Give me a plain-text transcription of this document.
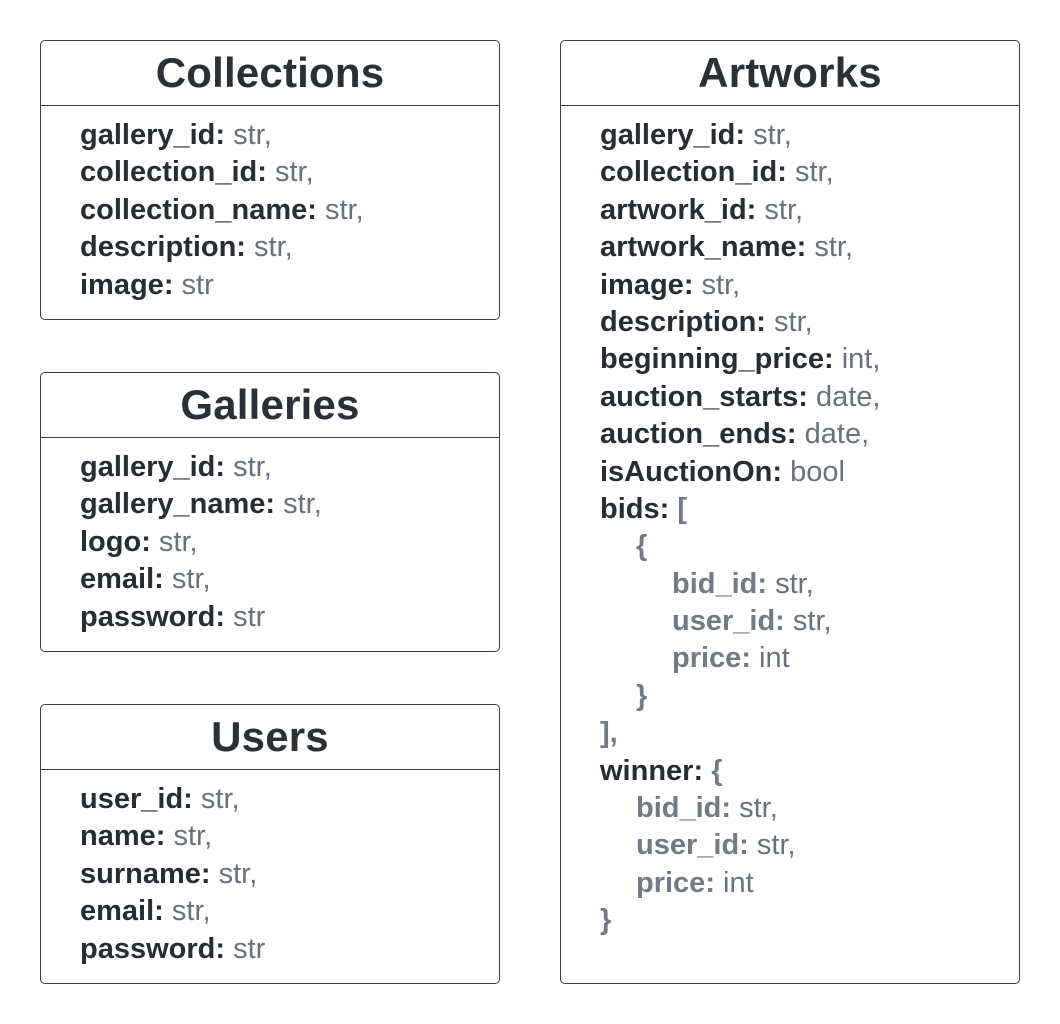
Collections
gallery_id: str,
collection_id: str,
collection_name: str,
description: str,
image: str
Galleries
gallery_id: str,
gallery_name: str,
logo: str,
email: str,
password: str
Users
user_id: str,
name: str,
surname: str,
email: str,
password: str
Artworks
gallery_id: str,
collection_id: str,
artwork_id: str,
artwork_name: str,
image: str,
description: str,
beginning_price: int,
auction_starts: date,
auction_ends: date,
isAuctionOn: bool
bids: [
{
bid_id: str,
user_id: str,
price: int
}
],
winner: {
bid_id: str,
user_id: str,
price: int
}
